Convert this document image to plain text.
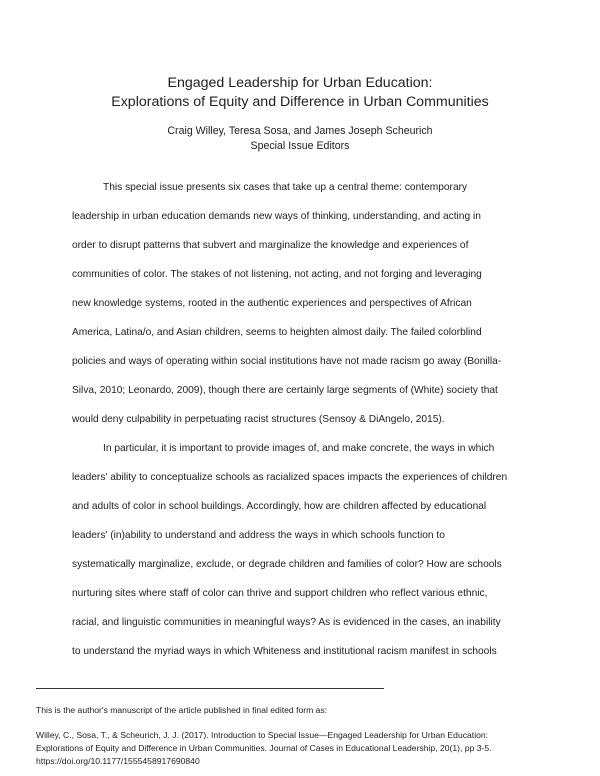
Engaged Leadership for Urban Education:
Explorations of Equity and Difference in Urban Communities
Craig Willey, Teresa Sosa, and James Joseph Scheurich
Special Issue Editors
This special issue presents six cases that take up a central theme: contemporary
leadership in urban education demands new ways of thinking, understanding, and acting in
order to disrupt patterns that subvert and marginalize the knowledge and experiences of
communities of color. The stakes of not listening, not acting, and not forging and leveraging
new knowledge systems, rooted in the authentic experiences and perspectives of African
America, Latina/o, and Asian children, seems to heighten almost daily. The failed colorblind
policies and ways of operating within social institutions have not made racism go away (Bonilla-
Silva, 2010; Leonardo, 2009), though there are certainly large segments of (White) society that
would deny culpability in perpetuating racist structures (Sensoy & DiAngelo, 2015).
In particular, it is important to provide images of, and make concrete, the ways in which
leaders' ability to conceptualize schools as racialized spaces impacts the experiences of children
and adults of color in school buildings. Accordingly, how are children affected by educational
leaders' (in)ability to understand and address the ways in which schools function to
systematically marginalize, exclude, or degrade children and families of color? How are schools
nurturing sites where staff of color can thrive and support children who reflect various ethnic,
racial, and linguistic communities in meaningful ways? As is evidenced in the cases, an inability
to understand the myriad ways in which Whiteness and institutional racism manifest in schools
This is the author's manuscript of the article published in final edited form as:
Willey, C., Sosa, T., & Scheurich, J. J. (2017). Introduction to Special Issue—Engaged Leadership for Urban Education:
Explorations of Equity and Difference in Urban Communities. Journal of Cases in Educational Leadership, 20(1), pp 3-5.
https://doi.org/10.1177/1555458917690840
